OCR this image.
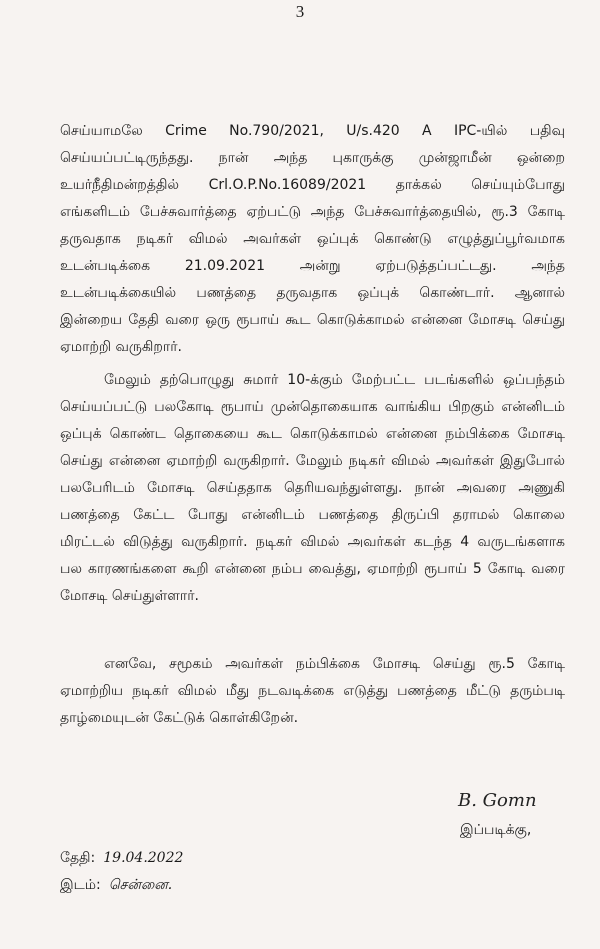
3
செய்யாமலே Crime No.790/2021, U/s.420 A IPC-யில் பதிவு
செய்யப்பட்டிருந்தது. நான் அந்த புகாருக்கு முன்ஜாமீன் ஒன்றை
உயர்நீதிமன்றத்தில் Crl.O.P.No.16089/2021 தாக்கல் செய்யும்போது
எங்களிடம் பேச்சுவார்த்தை ஏற்பட்டு அந்த பேச்சுவார்த்தையில், ரூ.3 கோடி
தருவதாக நடிகர் விமல் அவர்கள் ஒப்புக் கொண்டு எழுத்துப்பூர்வமாக
உடன்படிக்கை 21.09.2021 அன்று ஏற்படுத்தப்பட்டது. அந்த
உடன்படிக்கையில் பணத்தை தருவதாக ஒப்புக் கொண்டார். ஆனால்
இன்றைய தேதி வரை ஒரு ரூபாய் கூட கொடுக்காமல் என்னை மோசடி செய்து
ஏமாற்றி வருகிறார்.
மேலும் தற்பொழுது சுமார் 10-க்கும் மேற்பட்ட படங்களில் ஒப்பந்தம்
செய்யப்பட்டு பலகோடி ரூபாய் முன்தொகையாக வாங்கிய பிறகும் என்னிடம்
ஒப்புக் கொண்ட தொகையை கூட கொடுக்காமல் என்னை நம்பிக்கை மோசடி
செய்து என்னை ஏமாற்றி வருகிறார். மேலும் நடிகர் விமல் அவர்கள் இதுபோல்
பலபேரிடம் மோசடி செய்ததாக தெரியவந்துள்ளது. நான் அவரை அணுகி
பணத்தை கேட்ட போது என்னிடம் பணத்தை திருப்பி தராமல் கொலை
மிரட்டல் விடுத்து வருகிறார். நடிகர் விமல் அவர்கள் கடந்த 4 வருடங்களாக
பல காரணங்களை கூறி என்னை நம்ப வைத்து, ஏமாற்றி ரூபாய் 5 கோடி வரை
மோசடி செய்துள்ளார்.
எனவே, சமூகம் அவர்கள் நம்பிக்கை மோசடி செய்து ரூ.5 கோடி
ஏமாற்றிய நடிகர் விமல் மீது நடவடிக்கை எடுத்து பணத்தை மீட்டு தரும்படி
தாழ்மையுடன் கேட்டுக் கொள்கிறேன்.
B. Gomn
இப்படிக்கு,
தேதி: 19.04.2022
இடம்: சென்னை.
